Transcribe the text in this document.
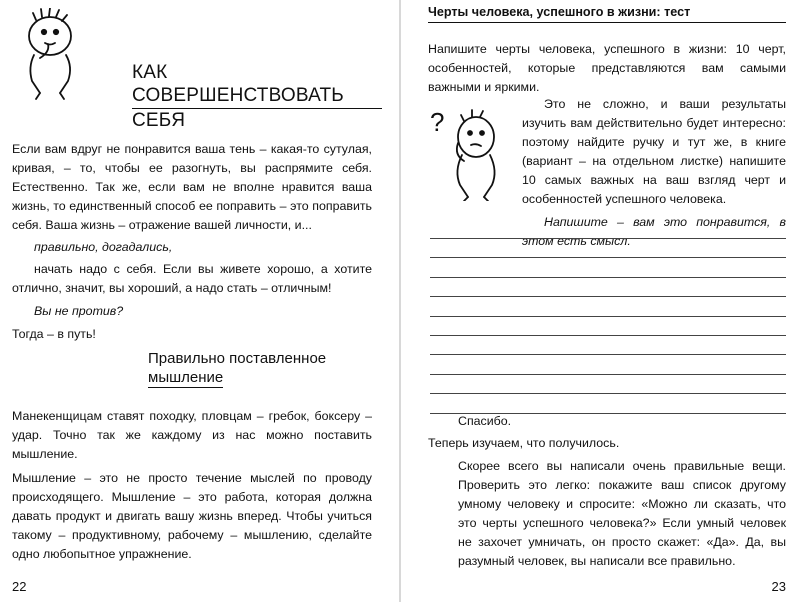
КАК СОВЕРШЕНСТВОВАТЬ
СЕБЯ

Если вам вдруг не понравится ваша тень – какая-то сутулая, кривая, – то, чтобы ее разогнуть, вы распрямите себя. Естественно. Так же, если вам не вполне нравится ваша жизнь, то единственный способ ее поправить – это поправить себя. Ваша жизнь – отражение вашей личности, и...

правильно, догадались,

начать надо с себя. Если вы живете хорошо, а хотите отлично, значит, вы хороший, а надо стать – отличным!

Вы не против?

Тогда – в путь!

Правильно поставленное
мышление

Манекенщицам ставят походку, пловцам – гребок, боксеру – удар. Точно так же каждому из нас можно поставить мышление.

Мышление – это не просто течение мыслей по проводу происходящего. Мышление – это работа, которая должна давать продукт и двигать вашу жизнь вперед. Чтобы учиться такому – продуктивному, рабочему – мышлению, сделайте одно любопытное упражнение.

22
Черты человека, успешного в жизни: тест

Напишите черты человека, успешного в жизни: 10 черт, особенностей, которые представляются вам самыми важными и яркими.

?

Это не сложно, и ваши результаты изучить вам действительно будет интересно: поэтому найдите ручку и тут же, в книге (вариант – на отдельном листке) напишите 10 самых важных на ваш взгляд черт и особенностей успешного человека.

Напишите – вам это понравится, в этом есть смысл.

23

Спасибо.

Теперь изучаем, что получилось.

Скорее всего вы написали очень правильные вещи. Проверить это легко: покажите ваш список другому умному человеку и спросите: «Можно ли сказать, что это черты успешного человека?» Если умный человек не захочет умничать, он просто скажет: «Да». Да, вы разумный человек, вы написали все правильно.
